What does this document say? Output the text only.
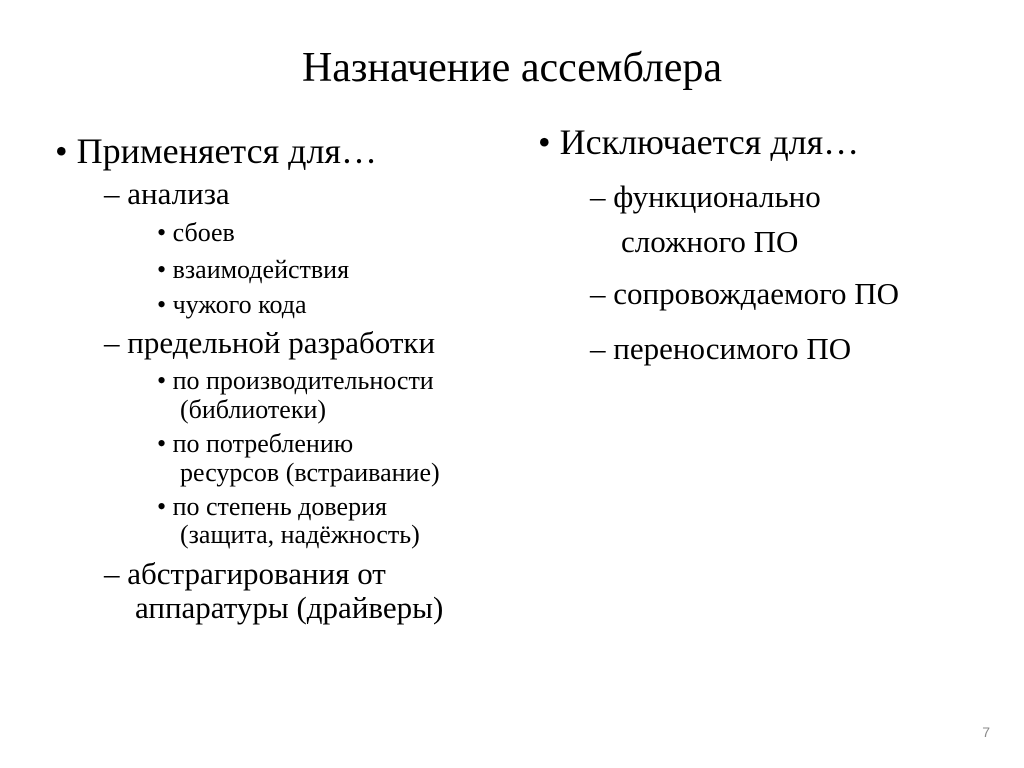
Назначение ассемблера
• Применяется для…
– анализа
• сбоев
• взаимодействия
• чужого кода
– предельной разработки
• по производительности
(библиотеки)
• по потреблению
ресурсов (встраивание)
• по степень доверия
(защита, надёжность)
– абстрагирования от
аппаратуры (драйверы)
• Исключается для…
– функционально
сложного ПО
– сопровождаемого ПО
– переносимого ПО
7
